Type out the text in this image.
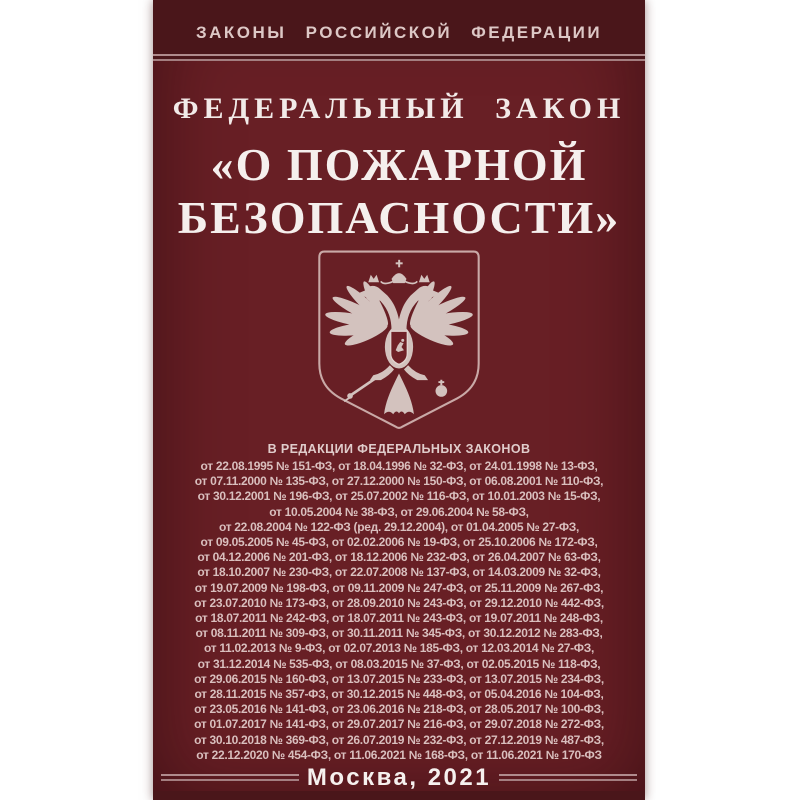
ЗАКОНЫ РОССИЙСКОЙ ФЕДЕРАЦИИ
ФЕДЕРАЛЬНЫЙ ЗАКОН
«О ПОЖАРНОЙ
БЕЗОПАСНОСТИ»
В РЕДАКЦИИ ФЕДЕРАЛЬНЫХ ЗАКОНОВ
от 22.08.1995 № 151-ФЗ, от 18.04.1996 № 32-ФЗ, от 24.01.1998 № 13-ФЗ,
от 07.11.2000 № 135-ФЗ, от 27.12.2000 № 150-ФЗ, от 06.08.2001 № 110-ФЗ,
от 30.12.2001 № 196-ФЗ, от 25.07.2002 № 116-ФЗ, от 10.01.2003 № 15-ФЗ,
от 10.05.2004 № 38-ФЗ, от 29.06.2004 № 58-ФЗ,
от 22.08.2004 № 122-ФЗ (ред. 29.12.2004), от 01.04.2005 № 27-ФЗ,
от 09.05.2005 № 45-ФЗ, от 02.02.2006 № 19-ФЗ, от 25.10.2006 № 172-ФЗ,
от 04.12.2006 № 201-ФЗ, от 18.12.2006 № 232-ФЗ, от 26.04.2007 № 63-ФЗ,
от 18.10.2007 № 230-ФЗ, от 22.07.2008 № 137-ФЗ, от 14.03.2009 № 32-ФЗ,
от 19.07.2009 № 198-ФЗ, от 09.11.2009 № 247-ФЗ, от 25.11.2009 № 267-ФЗ,
от 23.07.2010 № 173-ФЗ, от 28.09.2010 № 243-ФЗ, от 29.12.2010 № 442-ФЗ,
от 18.07.2011 № 242-ФЗ, от 18.07.2011 № 243-ФЗ, от 19.07.2011 № 248-ФЗ,
от 08.11.2011 № 309-ФЗ, от 30.11.2011 № 345-ФЗ, от 30.12.2012 № 283-ФЗ,
от 11.02.2013 № 9-ФЗ, от 02.07.2013 № 185-ФЗ, от 12.03.2014 № 27-ФЗ,
от 31.12.2014 № 535-ФЗ, от 08.03.2015 № 37-ФЗ, от 02.05.2015 № 118-ФЗ,
от 29.06.2015 № 160-ФЗ, от 13.07.2015 № 233-ФЗ, от 13.07.2015 № 234-ФЗ,
от 28.11.2015 № 357-ФЗ, от 30.12.2015 № 448-ФЗ, от 05.04.2016 № 104-ФЗ,
от 23.05.2016 № 141-ФЗ, от 23.06.2016 № 218-ФЗ, от 28.05.2017 № 100-ФЗ,
от 01.07.2017 № 141-ФЗ, от 29.07.2017 № 216-ФЗ, от 29.07.2018 № 272-ФЗ,
от 30.10.2018 № 369-ФЗ, от 26.07.2019 № 232-ФЗ, от 27.12.2019 № 487-ФЗ,
от 22.12.2020 № 454-ФЗ, от 11.06.2021 № 168-ФЗ, от 11.06.2021 № 170-ФЗ
Москва, 2021
